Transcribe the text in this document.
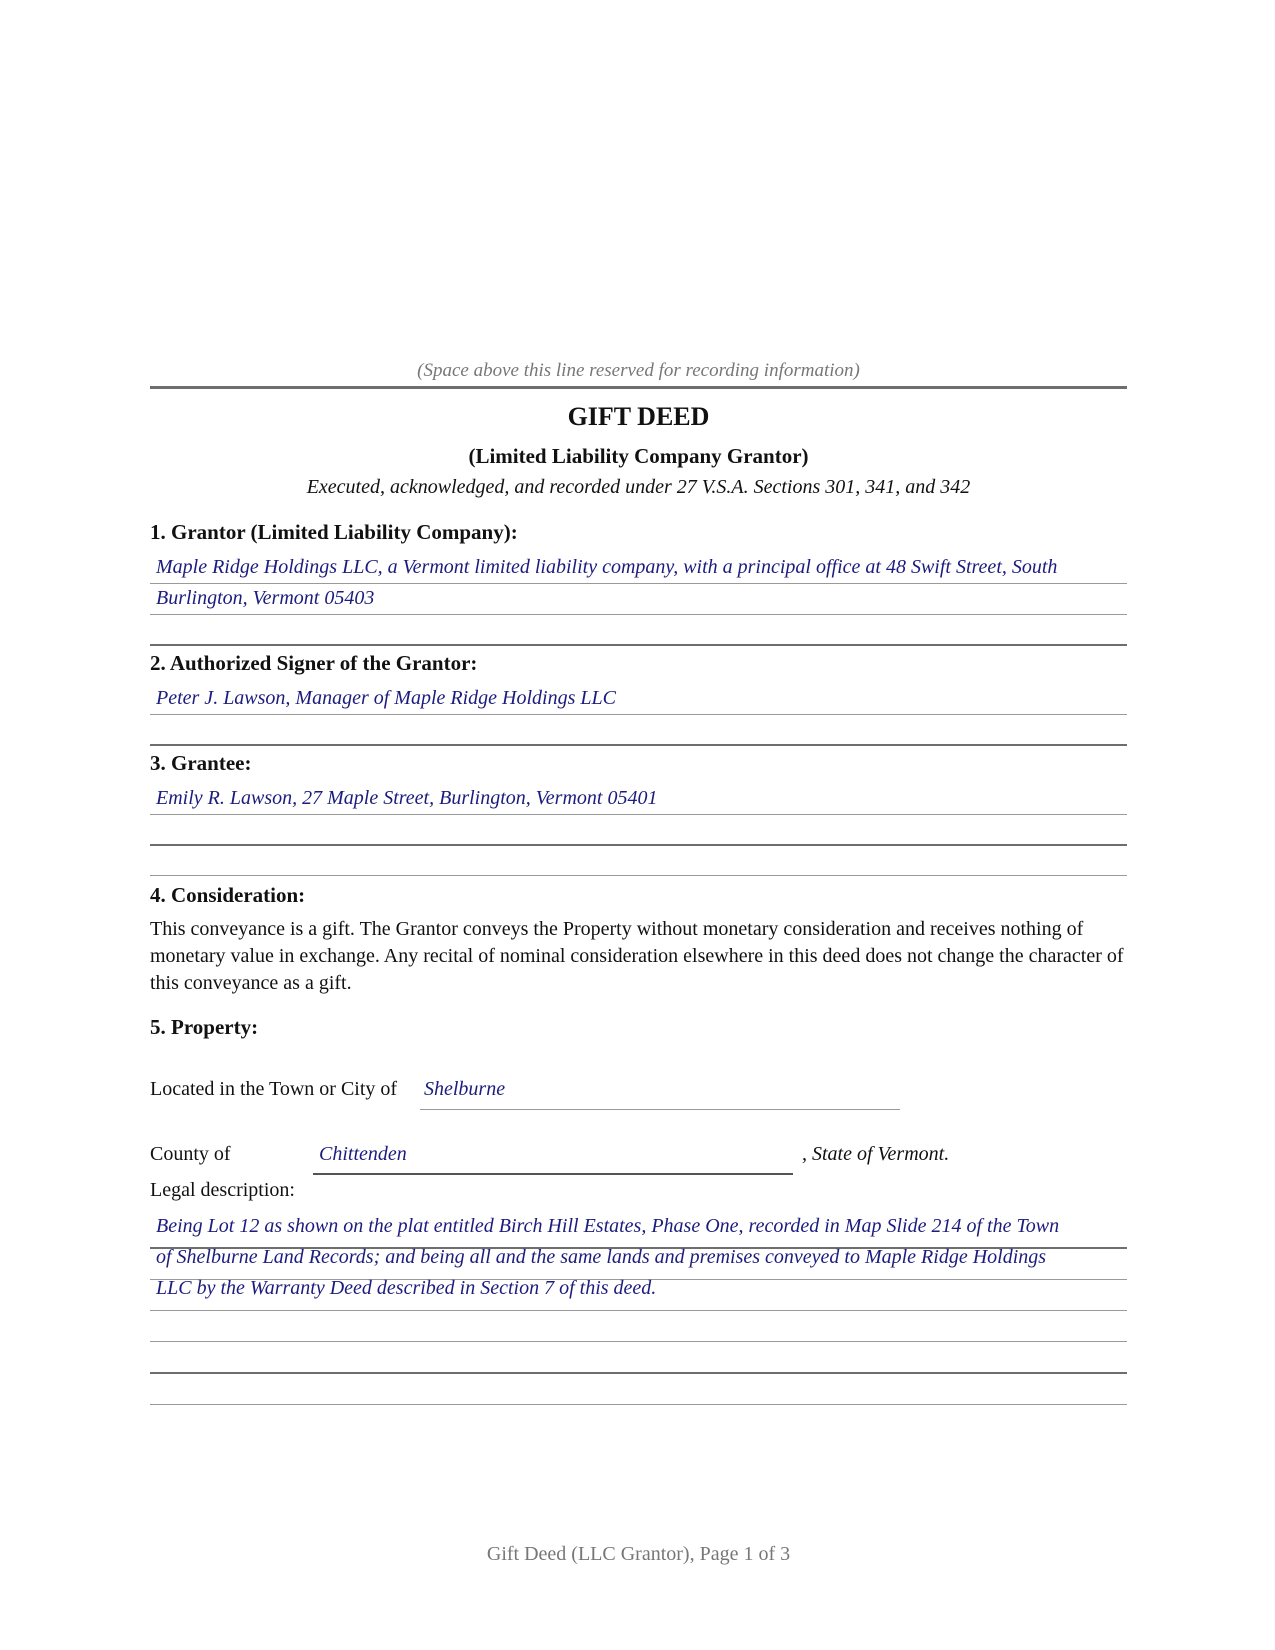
(Space above this line reserved for recording information)
GIFT DEED
(Limited Liability Company Grantor)
Executed, acknowledged, and recorded under 27 V.S.A. Sections 301, 341, and 342
1. Grantor (Limited Liability Company):
Maple Ridge Holdings LLC, a Vermont limited liability company, with a principal office at 48 Swift Street, South
Burlington, Vermont 05403
2. Authorized Signer of the Grantor:
Peter J. Lawson, Manager of Maple Ridge Holdings LLC
3. Grantee:
Emily R. Lawson, 27 Maple Street, Burlington, Vermont 05401
4. Consideration:
This conveyance is a gift. The Grantor conveys the Property without monetary consideration and receives nothing of monetary value in exchange. Any recital of nominal consideration elsewhere in this deed does not change the character of this conveyance as a gift.
5. Property:
Located in the Town or City of Shelburne
County of	Chittenden	, State of Vermont.
Legal description:
Being Lot 12 as shown on the plat entitled Birch Hill Estates, Phase One, recorded in Map Slide 214 of the Town
of Shelburne Land Records; and being all and the same lands and premises conveyed to Maple Ridge Holdings
LLC by the Warranty Deed described in Section 7 of this deed.
Gift Deed (LLC Grantor), Page 1 of 3
